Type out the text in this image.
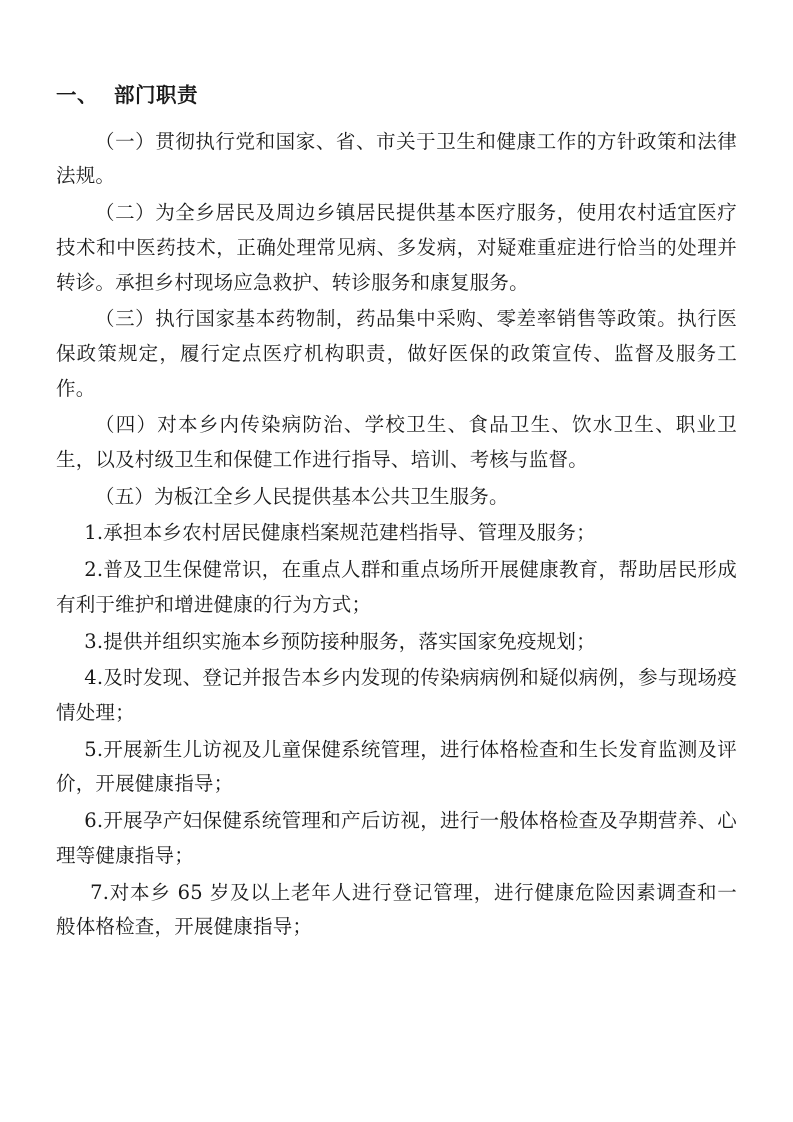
一、 部门职责

（一）贯彻执行党和国家、省、市关于卫生和健康工作的方针政策和法律法规。

（二）为全乡居民及周边乡镇居民提供基本医疗服务，使用农村适宜医疗技术和中医药技术，正确处理常见病、多发病，对疑难重症进行恰当的处理并转诊。承担乡村现场应急救护、转诊服务和康复服务。

（三）执行国家基本药物制，药品集中采购、零差率销售等政策。执行医保政策规定，履行定点医疗机构职责，做好医保的政策宣传、监督及服务工作。

（四）对本乡内传染病防治、学校卫生、食品卫生、饮水卫生、职业卫生，以及村级卫生和保健工作进行指导、培训、考核与监督。

（五）为板江全乡人民提供基本公共卫生服务。

1.承担本乡农村居民健康档案规范建档指导、管理及服务；

2.普及卫生保健常识，在重点人群和重点场所开展健康教育，帮助居民形成有利于维护和增进健康的行为方式；

3.提供并组织实施本乡预防接种服务，落实国家免疫规划；

4.及时发现、登记并报告本乡内发现的传染病病例和疑似病例，参与现场疫情处理；

5.开展新生儿访视及儿童保健系统管理，进行体格检查和生长发育监测及评价，开展健康指导；

6.开展孕产妇保健系统管理和产后访视，进行一般体格检查及孕期营养、心理等健康指导；

7.对本乡 65 岁及以上老年人进行登记管理，进行健康危险因素调查和一般体格检查，开展健康指导；
